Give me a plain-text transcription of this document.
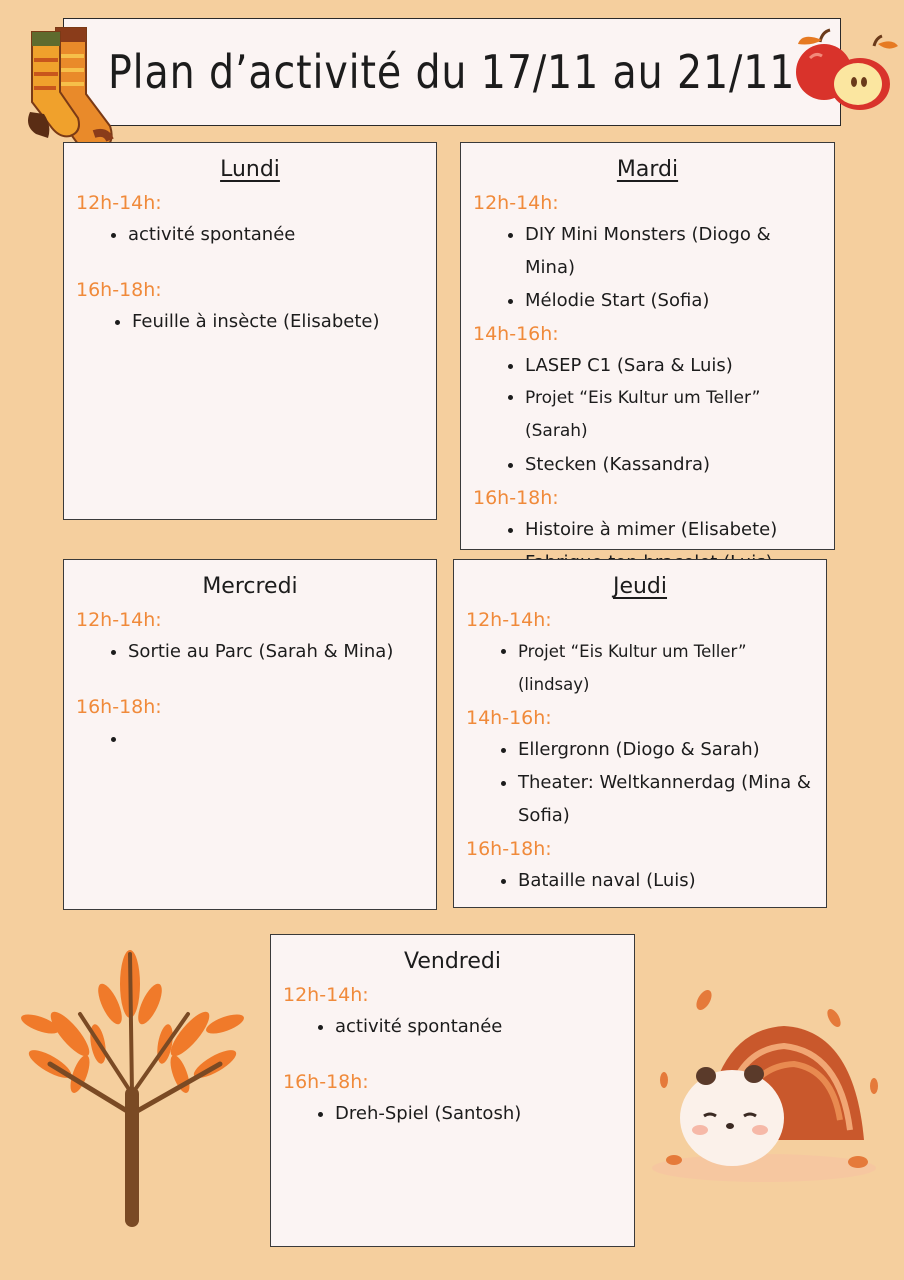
Plan d’activité du 17/11 au 21/11
Lundi
12h-14h:
• activité spontanée
16h-18h:
• Feuille à insècte (Elisabete)
Mardi
12h-14h:
• DIY Mini Monsters (Diogo & Mina)
• Mélodie Start (Sofia)
14h-16h:
• LASEP C1 (Sara & Luis)
• Projet “Eis Kultur um Teller” (Sarah)
• Stecken (Kassandra)
16h-18h:
• Histoire à mimer (Elisabete)
•
Mercredi
12h-14h:
• Sortie au Parc (Sarah & Mina)
16h-18h:
•
Jeudi
12h-14h:
• Projet “Eis Kultur um Teller” (lindsay)
14h-16h:
• Ellergronn (Diogo & Sarah)
• Theater: Weltkannerdag (Mina & Sofia)
16h-18h:
• Bataille naval (Luis)
Vendredi
12h-14h:
• activité spontanée
16h-18h:
• Dreh-Spiel (Santosh)
